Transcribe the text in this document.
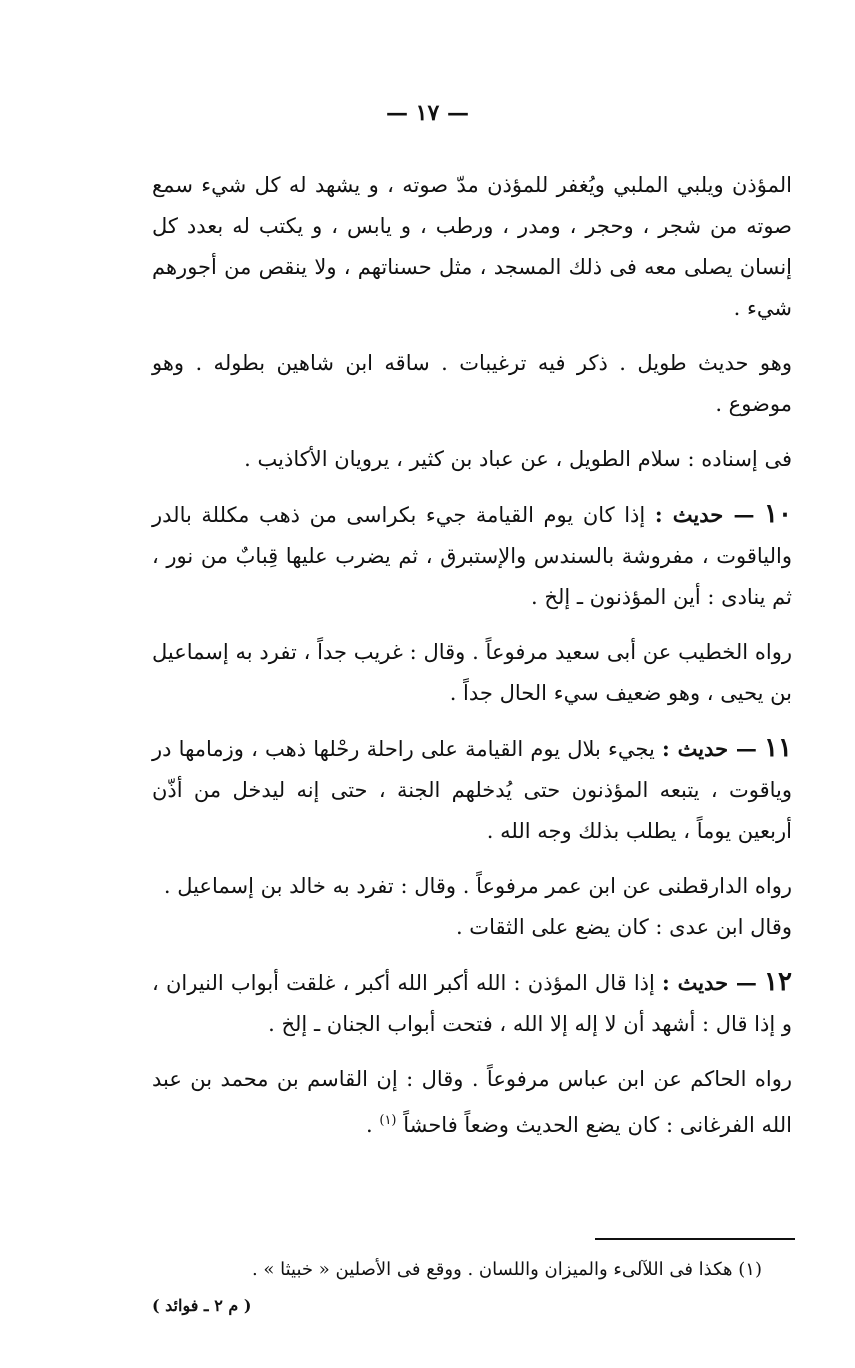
— ١٧ —

المؤذن ويلبي الملبي ويُغفر للمؤذن مدّ صوته ، و يشهد له كل شيء سمع صوته من شجر ، وحجر ، ومدر ، ورطب ، و يابس ، و يكتب له بعدد كل إنسان يصلى معه فى ذلك المسجد ، مثل حسناتهم ، ولا ينقص من أجورهم شيء .

وهو حديث طويل . ذكر فيه ترغيبات . ساقه ابن شاهين بطوله . وهو موضوع .

فى إسناده : سلام الطويل ، عن عباد بن كثير ، يرويان الأكاذيب .

١٠ — حديث : إذا كان يوم القيامة جيء بكراسى من ذهب مكللة بالدر والياقوت ، مفروشة بالسندس والإستبرق ، ثم يضرب عليها قِبابٌ من نور ، ثم ينادى : أين المؤذنون ـ إلخ .

رواه الخطيب عن أبى سعيد مرفوعاً . وقال : غريب جداً ، تفرد به إسماعيل بن يحيى ، وهو ضعيف سيء الحال جداً .

١١ — حديث : يجيء بلال يوم القيامة على راحلة رحْلها ذهب ، وزمامها در وياقوت ، يتبعه المؤذنون حتى يُدخلهم الجنة ، حتى إنه ليدخل من أذّن أربعين يوماً ، يطلب بذلك وجه الله .

رواه الدارقطنى عن ابن عمر مرفوعاً . وقال : تفرد به خالد بن إسماعيل .

وقال ابن عدى : كان يضع على الثقات .

١٢ — حديث : إذا قال المؤذن : الله أكبر الله أكبر ، غلقت أبواب النيران ، و إذا قال : أشهد أن لا إله إلا الله ، فتحت أبواب الجنان ـ إلخ .

رواه الحاكم عن ابن عباس مرفوعاً . وقال : إن القاسم بن محمد بن عبد الله الفرغانى : كان يضع الحديث وضعاً فاحشاً $^{(١)}$ .

(١) هكذا فى اللآلىء والميزان واللسان . ووقع فى الأصلين « خبيثا » .
( م ٢ ـ فوائد )
